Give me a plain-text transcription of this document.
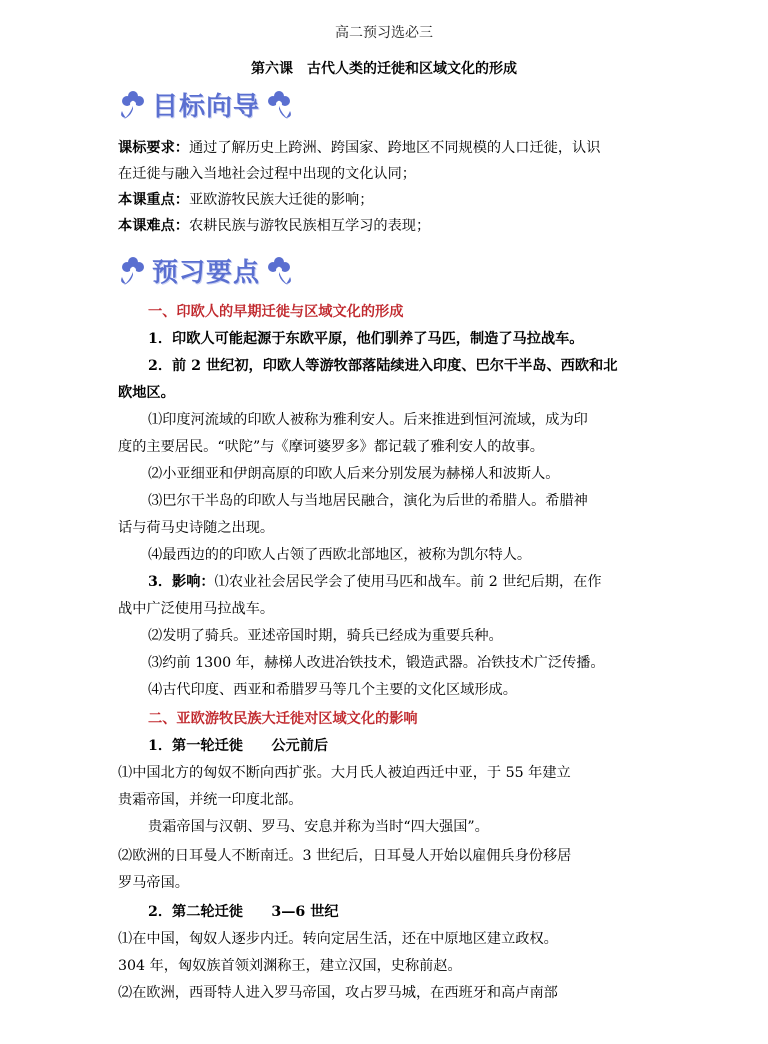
高二预习选必三
第六课　古代人类的迁徙和区域文化的形成
目标向导
课标要求：通过了解历史上跨洲、跨国家、跨地区不同规模的人口迁徙，认识
在迁徙与融入当地社会过程中出现的文化认同；
本课重点：亚欧游牧民族大迁徙的影响；
本课难点：农耕民族与游牧民族相互学习的表现；
预习要点
一、印欧人的早期迁徙与区域文化的形成
1．印欧人可能起源于东欧平原，他们驯养了马匹，制造了马拉战车。
2．前 2 世纪初，印欧人等游牧部落陆续进入印度、巴尔干半岛、西欧和北
欧地区。
⑴印度河流域的印欧人被称为雅利安人。后来推进到恒河流域，成为印
度的主要居民。“吠陀”与《摩诃婆罗多》都记载了雅利安人的故事。
⑵小亚细亚和伊朗高原的印欧人后来分别发展为赫梯人和波斯人。
⑶巴尔干半岛的印欧人与当地居民融合，演化为后世的希腊人。希腊神
话与荷马史诗随之出现。
⑷最西边的的印欧人占领了西欧北部地区，被称为凯尔特人。
3．影响：⑴农业社会居民学会了使用马匹和战车。前 2 世纪后期，在作
战中广泛使用马拉战车。
⑵发明了骑兵。亚述帝国时期，骑兵已经成为重要兵种。
⑶约前 1300 年，赫梯人改进冶铁技术，锻造武器。冶铁技术广泛传播。
⑷古代印度、西亚和希腊罗马等几个主要的文化区域形成。
二、亚欧游牧民族大迁徙对区域文化的影响
1．第一轮迁徙　　公元前后
⑴中国北方的匈奴不断向西扩张。大月氏人被迫西迁中亚，于 55 年建立
贵霜帝国，并统一印度北部。
贵霜帝国与汉朝、罗马、安息并称为当时“四大强国”。
⑵欧洲的日耳曼人不断南迁。3 世纪后，日耳曼人开始以雇佣兵身份移居
罗马帝国。
2．第二轮迁徙　　3—6 世纪
⑴在中国，匈奴人逐步内迁。转向定居生活，还在中原地区建立政权。
304 年，匈奴族首领刘渊称王，建立汉国，史称前赵。
⑵在欧洲，西哥特人进入罗马帝国，攻占罗马城，在西班牙和高卢南部
